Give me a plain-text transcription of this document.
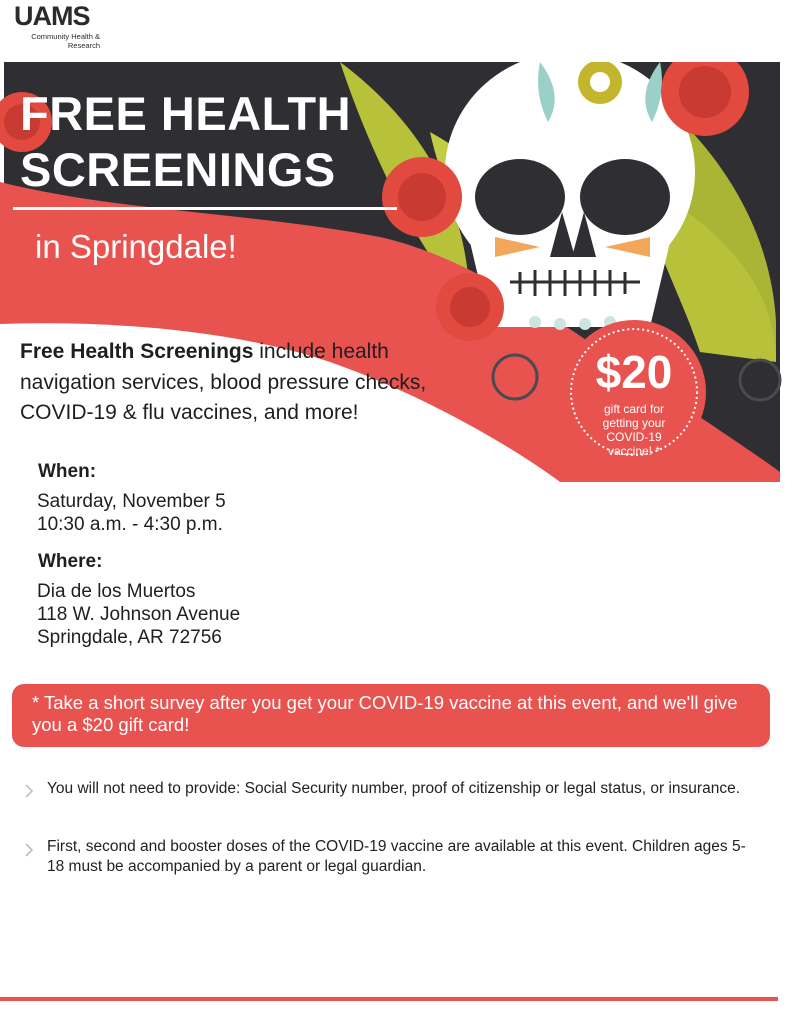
UAMS
Community Health & Research
FREE HEALTH
SCREENINGS
in Springdale!
$20
gift card for getting your COVID-19 vaccine! *
Free Health Screenings include health navigation services, blood pressure checks, COVID-19 & flu vaccines, and more!
When:
Saturday, November 5
10:30 a.m. - 4:30 p.m.
Where:
Dia de los Muertos
118 W. Johnson Avenue
Springdale, AR 72756
* Take a short survey after you get your COVID-19 vaccine at this event, and we'll give you a $20 gift card!
You will not need to provide: Social Security number, proof of citizenship or legal status, or insurance.
First, second and booster doses of the COVID-19 vaccine are available at this event. Children ages 5-18 must be accompanied by a parent or legal guardian.
